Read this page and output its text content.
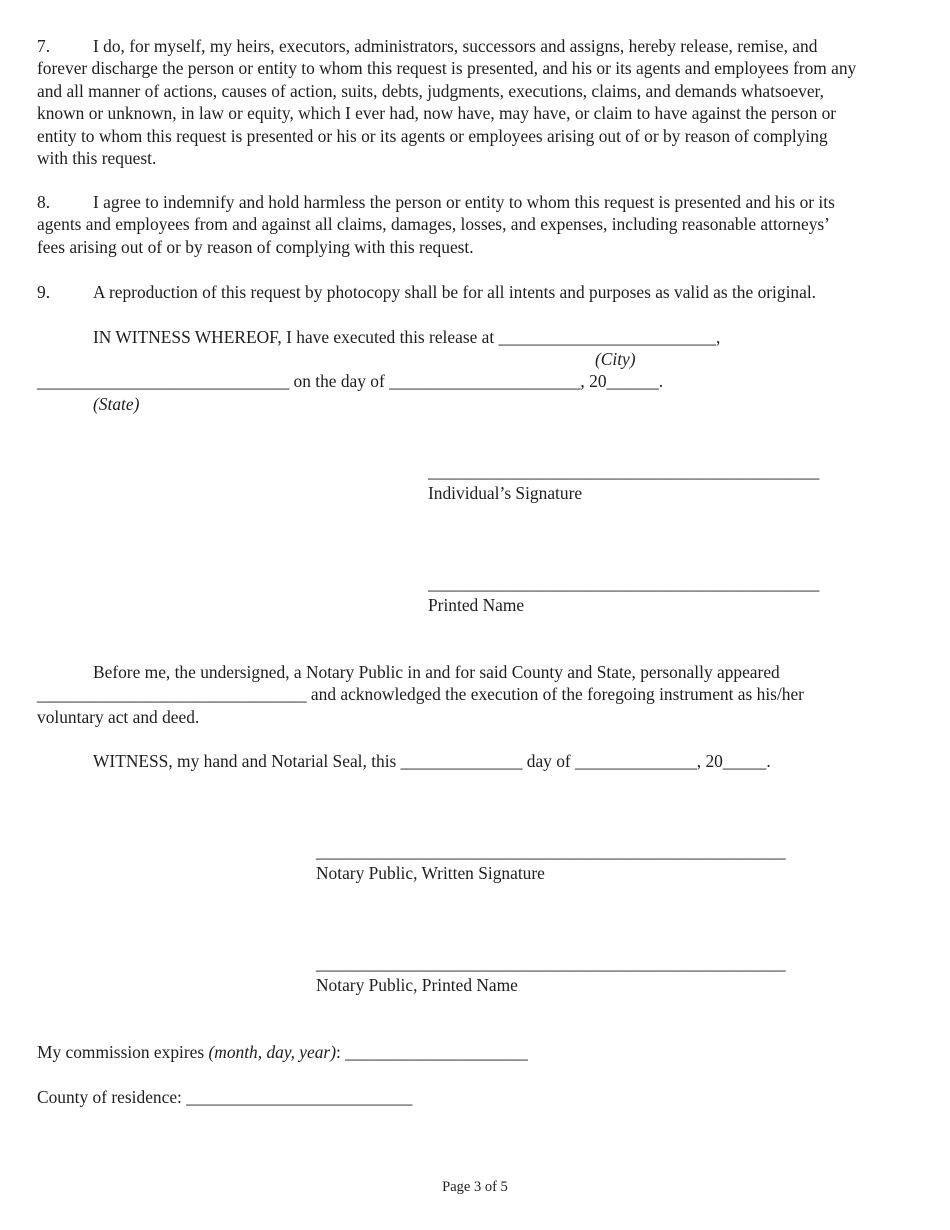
7. I do, for myself, my heirs, executors, administrators, successors and assigns, hereby release, remise, and

forever discharge the person or entity to whom this request is presented, and his or its agents and employees from any

and all manner of actions, causes of action, suits, debts, judgments, executions, claims, and demands whatsoever,

known or unknown, in law or equity, which I ever had, now have, may have, or claim to have against the person or

entity to whom this request is presented or his or its agents or employees arising out of or by reason of complying

with this request.

8. I agree to indemnify and hold harmless the person or entity to whom this request is presented and his or its

agents and employees from and against all claims, damages, losses, and expenses, including reasonable attorneys’

fees arising out of or by reason of complying with this request.

9. A reproduction of this request by photocopy shall be for all intents and purposes as valid as the original.

IN WITNESS WHEREOF, I have executed this release at _________________________,
(City)
_____________________________ on the day of ______________________, 20______.
(State)
_____________________________________________
Individual’s Signature
_____________________________________________
Printed Name
Before me, the undersigned, a Notary Public in and for said County and State, personally appeared
_______________________________ and acknowledged the execution of the foregoing instrument as his/her
voluntary act and deed.
WITNESS, my hand and Notarial Seal, this ______________ day of ______________, 20_____.
______________________________________________________
Notary Public, Written Signature
______________________________________________________
Notary Public, Printed Name
My commission expires (month, day, year): _____________________
County of residence: __________________________
Page 3 of 5
